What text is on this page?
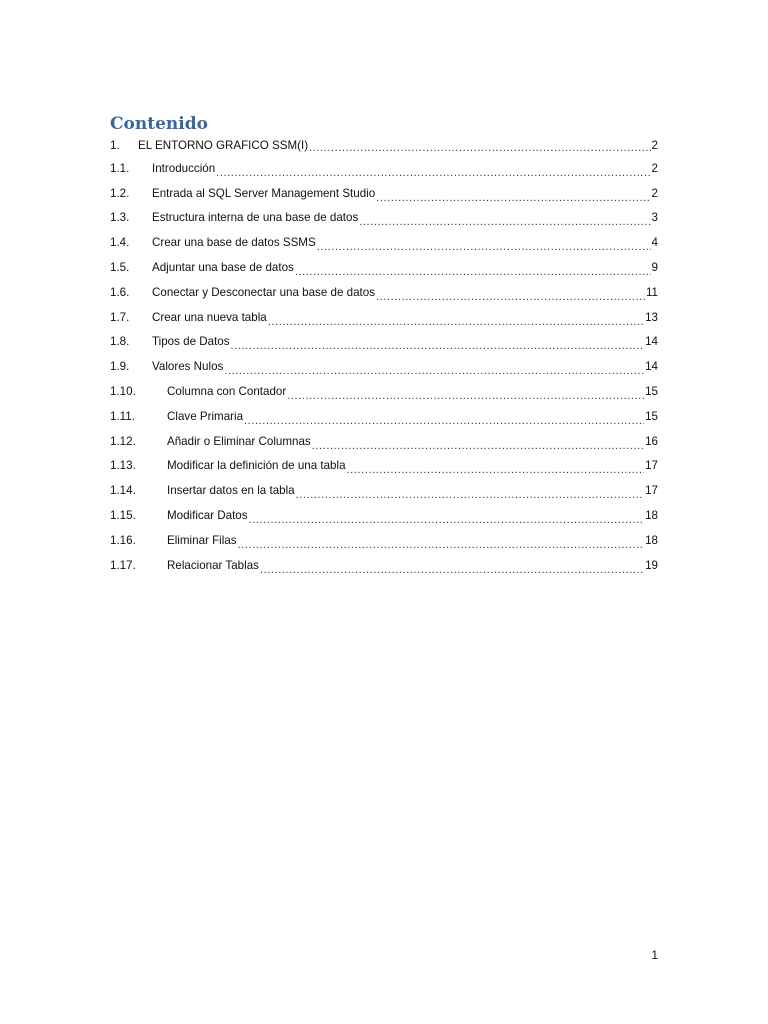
Contenido
1.	EL ENTORNO GRAFICO SSM(I) .....	2
1.1.	Introducción .....	2
1.2.	Entrada al SQL Server Management Studio .....	2
1.3.	Estructura interna de una base de datos .....	3
1.4.	Crear una base de datos SSMS .....	4
1.5.	Adjuntar una base de datos .....	9
1.6.	Conectar y Desconectar una base de datos .....	11
1.7.	Crear una nueva tabla .....	13
1.8.	Tipos de Datos .....	14
1.9.	Valores Nulos .....	14
1.10.	Columna con Contador .....	15
1.11.	Clave Primaria .....	15
1.12.	Añadir o Eliminar Columnas .....	16
1.13.	Modificar la definición de una tabla .....	17
1.14.	Insertar datos en la tabla .....	17
1.15.	Modificar Datos .....	18
1.16.	Eliminar Filas .....	18
1.17.	Relacionar Tablas .....	19
1
